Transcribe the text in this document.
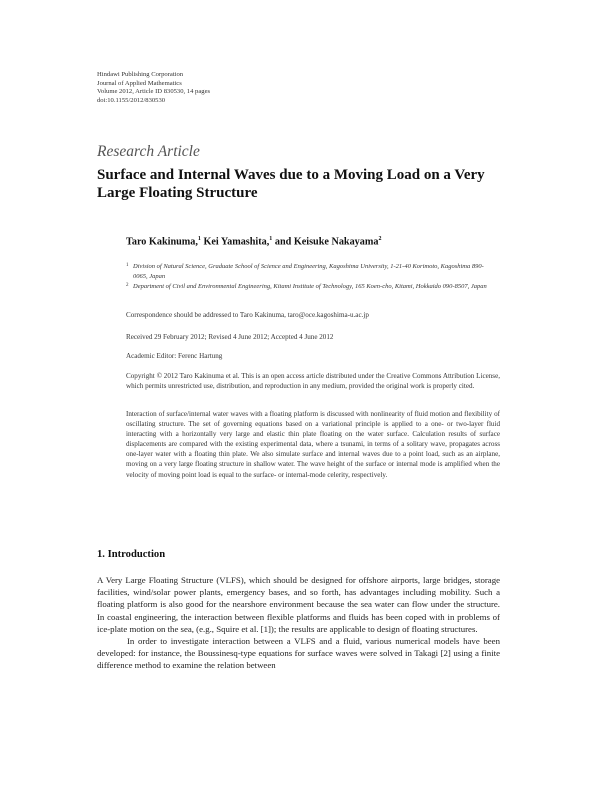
Hindawi Publishing Corporation
Journal of Applied Mathematics
Volume 2012, Article ID 830530, 14 pages
doi:10.1155/2012/830530
Research Article
Surface and Internal Waves due to a Moving Load on a Very Large Floating Structure
Taro Kakinuma,$^1$ Kei Yamashita,$^1$ and Keisuke Nakayama$^2$
1 Division of Natural Science, Graduate School of Science and Engineering, Kagoshima University, 1-21-40 Korimoto, Kagoshima 890-0065, Japan
2 Department of Civil and Environmental Engineering, Kitami Institute of Technology, 165 Koen-cho, Kitami, Hokkaido 090-8507, Japan
Correspondence should be addressed to Taro Kakinuma, taro@oce.kagoshima-u.ac.jp
Received 29 February 2012; Revised 4 June 2012; Accepted 4 June 2012
Academic Editor: Ferenc Hartung
Copyright © 2012 Taro Kakinuma et al. This is an open access article distributed under the Creative Commons Attribution License, which permits unrestricted use, distribution, and reproduction in any medium, provided the original work is properly cited.
Interaction of surface/internal water waves with a floating platform is discussed with nonlinearity of fluid motion and flexibility of oscillating structure. The set of governing equations based on a variational principle is applied to a one- or two-layer fluid interacting with a horizontally very large and elastic thin plate floating on the water surface. Calculation results of surface displacements are compared with the existing experimental data, where a tsunami, in terms of a solitary wave, propagates across one-layer water with a floating thin plate. We also simulate surface and internal waves due to a point load, such as an airplane, moving on a very large floating structure in shallow water. The wave height of the surface or internal mode is amplified when the velocity of moving point load is equal to the surface- or internal-mode celerity, respectively.
1. Introduction

A Very Large Floating Structure (VLFS), which should be designed for offshore airports, large bridges, storage facilities, wind/solar power plants, emergency bases, and so forth, has advantages including mobility. Such a floating platform is also good for the nearshore environment because the sea water can flow under the structure. In coastal engineering, the interaction between flexible platforms and fluids has been coped with in problems of ice-plate motion on the sea, (e.g., Squire et al. [1]); the results are applicable to design of floating structures.

In order to investigate interaction between a VLFS and a fluid, various numerical models have been developed: for instance, the Boussinesq-type equations for surface waves were solved in Takagi [2] using a finite difference method to examine the relation between
